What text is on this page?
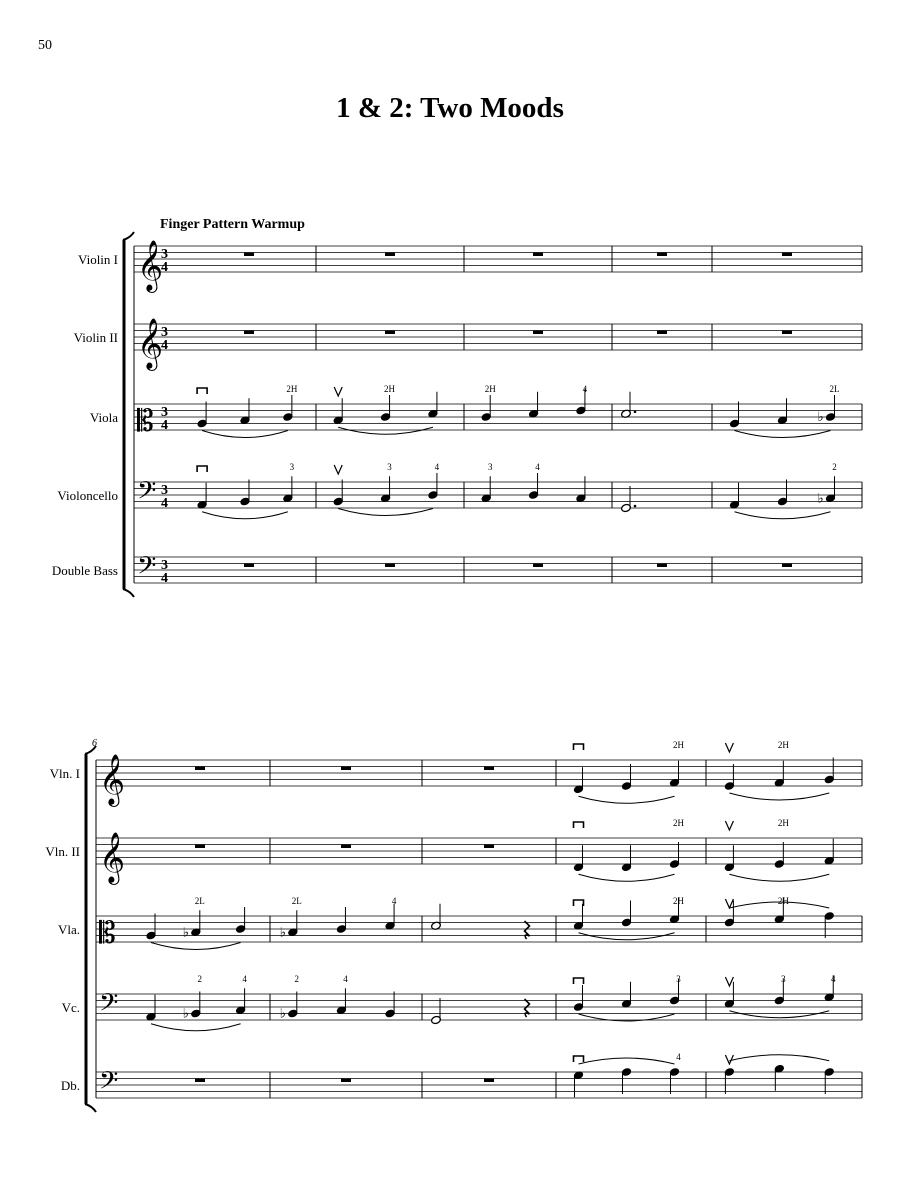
50
1 & 2: Two Moods
Finger Pattern Warmup
Violin I 𝄞
3
4
Violin II 𝄞
3
4
Viola 𝄡 3
4
2H	2H	2H	4
♭
2L
Violoncello 𝄢 3
4
3	3	4	3	4
♭
2
Double Bass 𝄢 3
4
6
Vln. I 𝄞
2H	2H
Vln. II 𝄞
2H	2H
Vla. 𝄡	♭
2L
♭
2L	4	2H	2H
Vc. 𝄢	♭
2	4
♭
2	4	3	3	4
Db. 𝄢
4
